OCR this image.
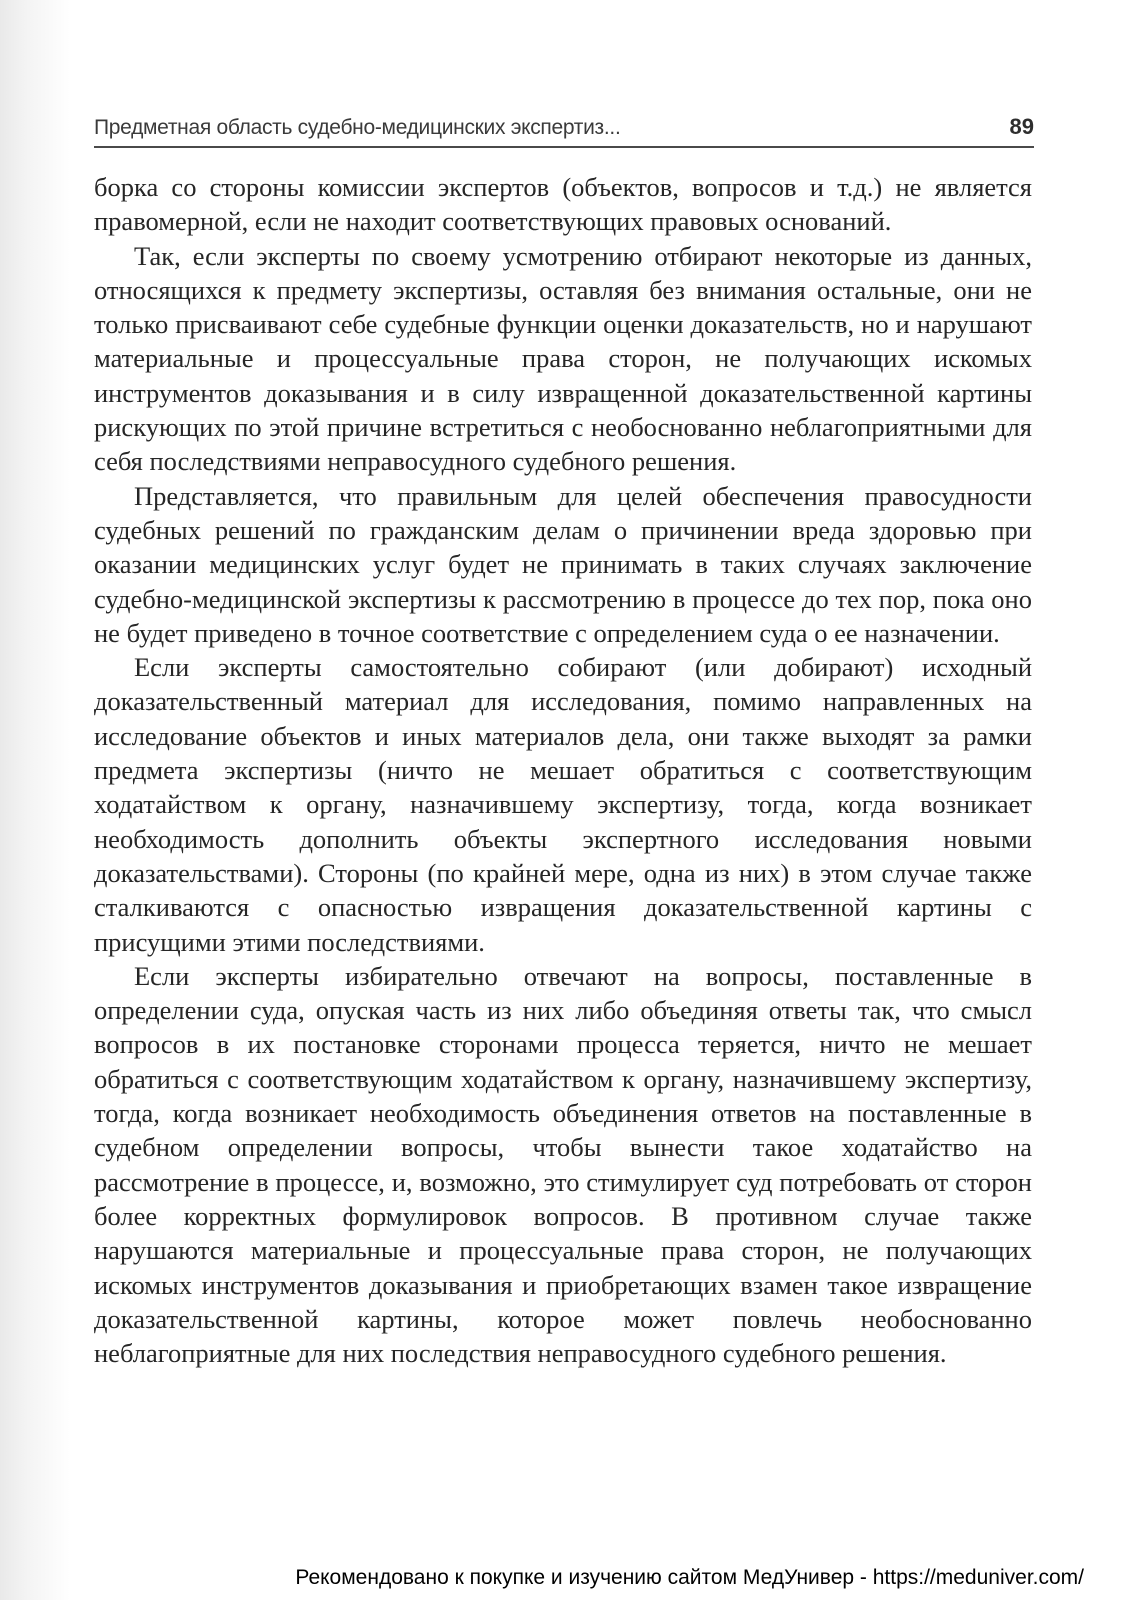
Предметная область судебно-медицинских экспертиз...	89

борка со стороны комиссии экспертов (объектов, вопросов и т.д.) не является правомерной, если не находит соответствующих правовых оснований.

Так, если эксперты по своему усмотрению отбирают некоторые из данных, относящихся к предмету экспертизы, оставляя без внимания остальные, они не только присваивают себе судебные функции оценки доказательств, но и нарушают материальные и процессуальные права сторон, не получающих искомых инструментов доказывания и в силу извращенной доказательственной картины рискующих по этой причине встретиться с необоснованно неблагоприятными для себя последствиями неправосудного судебного решения.

Представляется, что правильным для целей обеспечения правосудности судебных решений по гражданским делам о причинении вреда здоровью при оказании медицинских услуг будет не принимать в таких случаях заключение судебно-медицинской экспертизы к рассмотрению в процессе до тех пор, пока оно не будет приведено в точное соответствие с определением суда о ее назначении.

Если эксперты самостоятельно собирают (или добирают) исходный доказательственный материал для исследования, помимо направленных на исследование объектов и иных материалов дела, они также выходят за рамки предмета экспертизы (ничто не мешает обратиться с соответствующим ходатайством к органу, назначившему экспертизу, тогда, когда возникает необходимость дополнить объекты экспертного исследования новыми доказательствами). Стороны (по крайней мере, одна из них) в этом случае также сталкиваются с опасностью извращения доказательственной картины с присущими этими последствиями.

Если эксперты избирательно отвечают на вопросы, поставленные в определении суда, опуская часть из них либо объединяя ответы так, что смысл вопросов в их постановке сторонами процесса теряется, ничто не мешает обратиться с соответствующим ходатайством к органу, назначившему экспертизу, тогда, когда возникает необходимость объединения ответов на поставленные в судебном определении вопросы, чтобы вынести такое ходатайство на рассмотрение в процессе, и, возможно, это стимулирует суд потребовать от сторон более корректных формулировок вопросов. В противном случае также нарушаются материальные и процессуальные права сторон, не получающих искомых инструментов доказывания и приобретающих взамен такое извращение доказательственной картины, которое может повлечь необоснованно неблагоприятные для них последствия неправосудного судебного решения.

Рекомендовано к покупке и изучению сайтом МедУнивер - https://meduniver.com/
